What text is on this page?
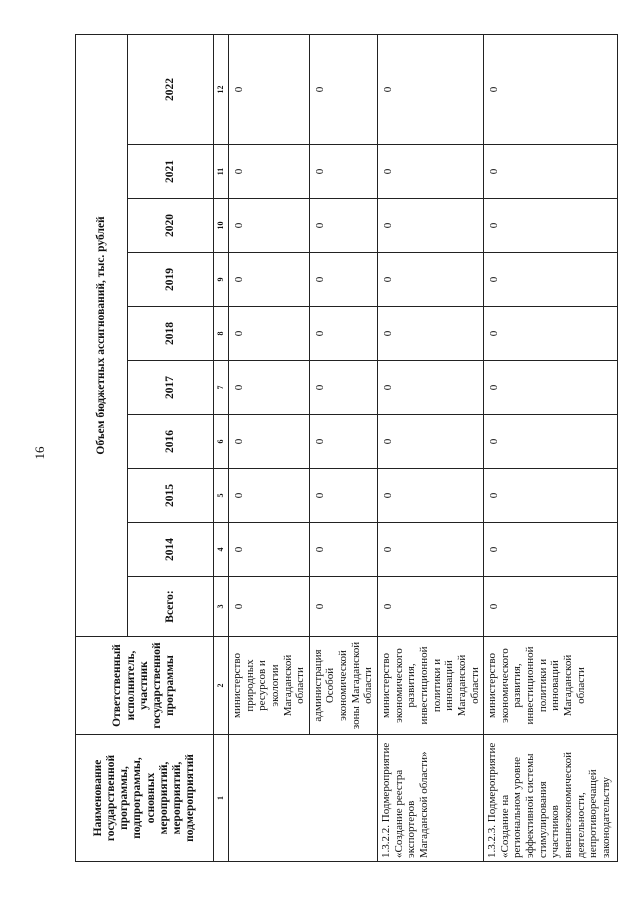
16
Наименование государственной программы, подпрограммы, основных мероприятий, мероприятий, подмероприятий	Ответственный исполнитель, участник государственной программы	Объем бюджетных ассигнований, тыс. рублей									
		Всего:	2014	2015	2016	2017	2018	2019	2020	2021	2022
1	2	3	4	5	6	7	8	9	10	11	12
	министерство природных ресурсов и экологии Магаданской области	0	0	0	0	0	0	0	0	0	0
	администрация Особой экономической зоны Магаданской области	0	0	0	0	0	0	0	0	0	0
1.3.2.2. Подмероприятие «Создание реестра экспортеров Магаданской области»	министерство экономического развития, инвестиционной политики и инноваций Магаданской области	0	0	0	0	0	0	0	0	0	0
1.3.2.3. Подмероприятие «Создание на региональном уровне эффективной системы стимулирования участников внешнеэкономической деятельности, непротиворечащей законодательству	министерство экономического развития, инвестиционной политики и инноваций Магаданской области	0	0	0	0	0	0	0	0	0	0
